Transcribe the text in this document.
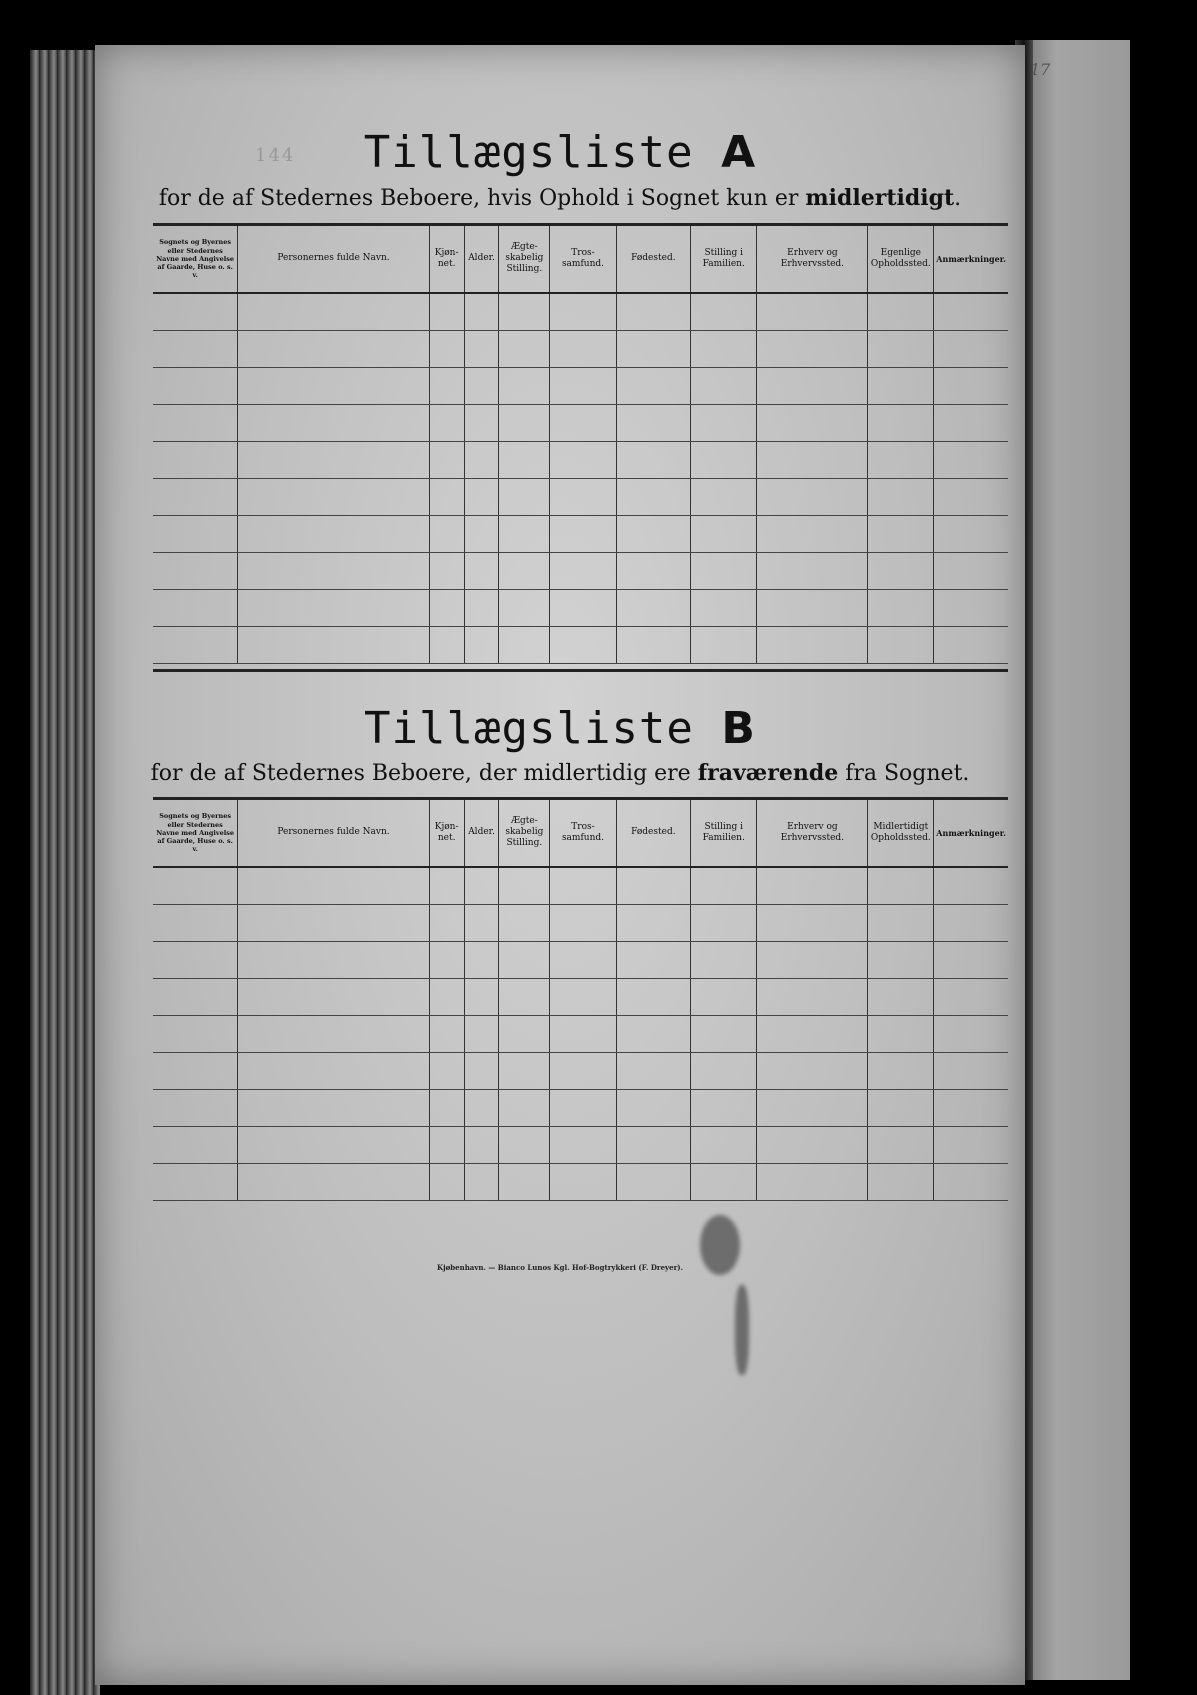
17
144	Tillægsliste A
for de af Stedernes Beboere, hvis Ophold i Sognet kun er midlertidigt.
Sognets og Byernes eller Stedernes Navne med Angivelse af Gaarde, Huse o. s. v.	Personernes fulde Navn.	Kjøn-net.	Alder.	Ægte-skabelig Stilling.	Tros-samfund.	Fødested.	Stilling i Familien.	Erhverv og Erhvervssted.	Egenlige Opholdssted.	Anmærkninger.

Tillægsliste B
for de af Stedernes Beboere, der midlertidig ere fraværende fra Sognet.
Sognets og Byernes eller Stedernes Navne med Angivelse af Gaarde, Huse o. s. v.	Personernes fulde Navn.	Kjøn-net.	Alder.	Ægte-skabelig Stilling.	Tros-samfund.	Fødested.	Stilling i Familien.	Erhverv og Erhvervssted.	Midlertidigt Opholdssted.	Anmærkninger.

Kjøbenhavn. — Bianco Lunos Kgl. Hof-Bogtrykkeri (F. Dreyer).
